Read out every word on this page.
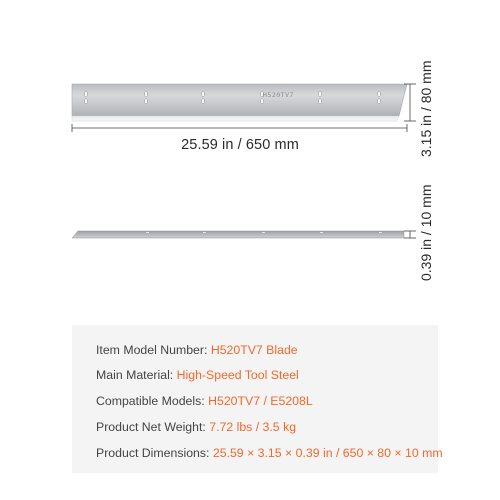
H520TV7
25.59 in / 650 mm	3.15 in / 80 mm
0.39 in / 10 mm
Item Model Number: H520TV7 Blade
Main Material: High-Speed Tool Steel
Compatible Models: H520TV7 / E5208L
Product Net Weight: 7.72 lbs / 3.5 kg
Product Dimensions: 25.59 × 3.15 × 0.39 in / 650 × 80 × 10 mm
